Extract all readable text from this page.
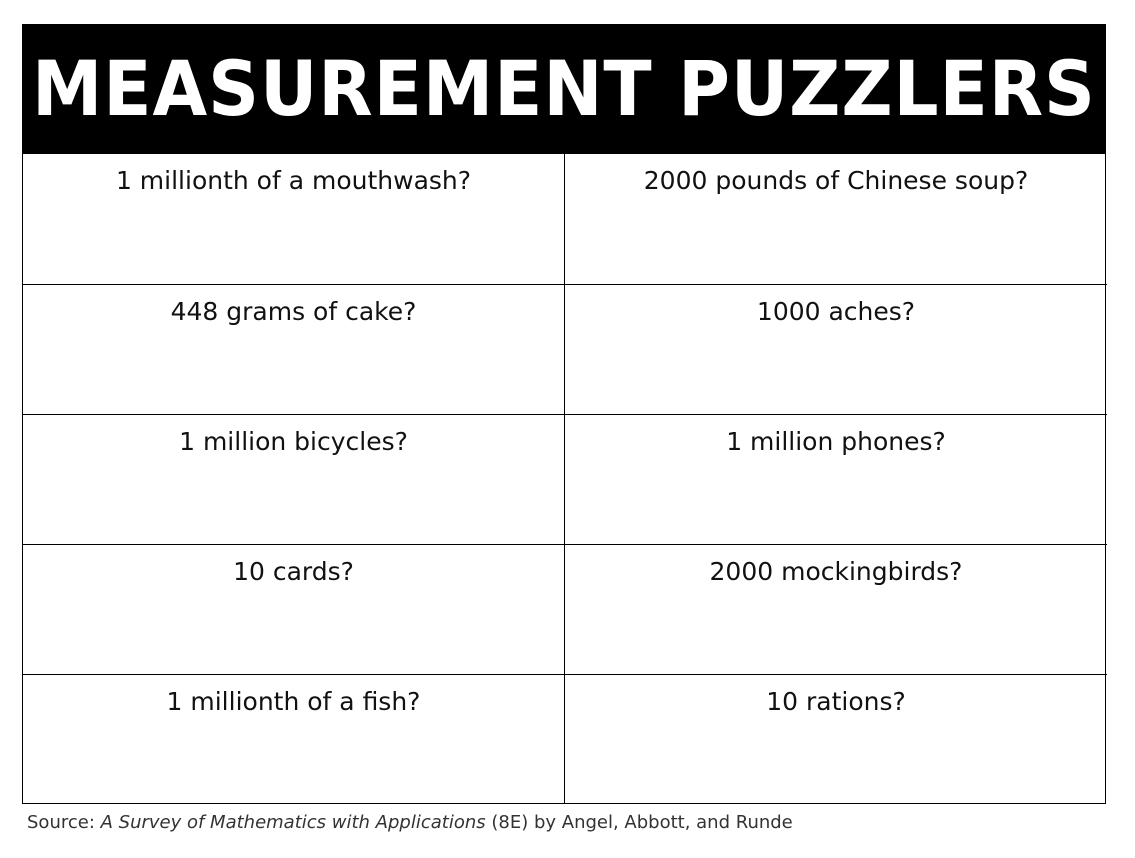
MEASUREMENT PUZZLERS
1 millionth of a mouthwash?	2000 pounds of Chinese soup?
448 grams of cake?	1000 aches?
1 million bicycles?	1 million phones?
10 cards?	2000 mockingbirds?
1 millionth of a fish?	10 rations?
Source: A Survey of Mathematics with Applications (8E) by Angel, Abbott, and Runde
